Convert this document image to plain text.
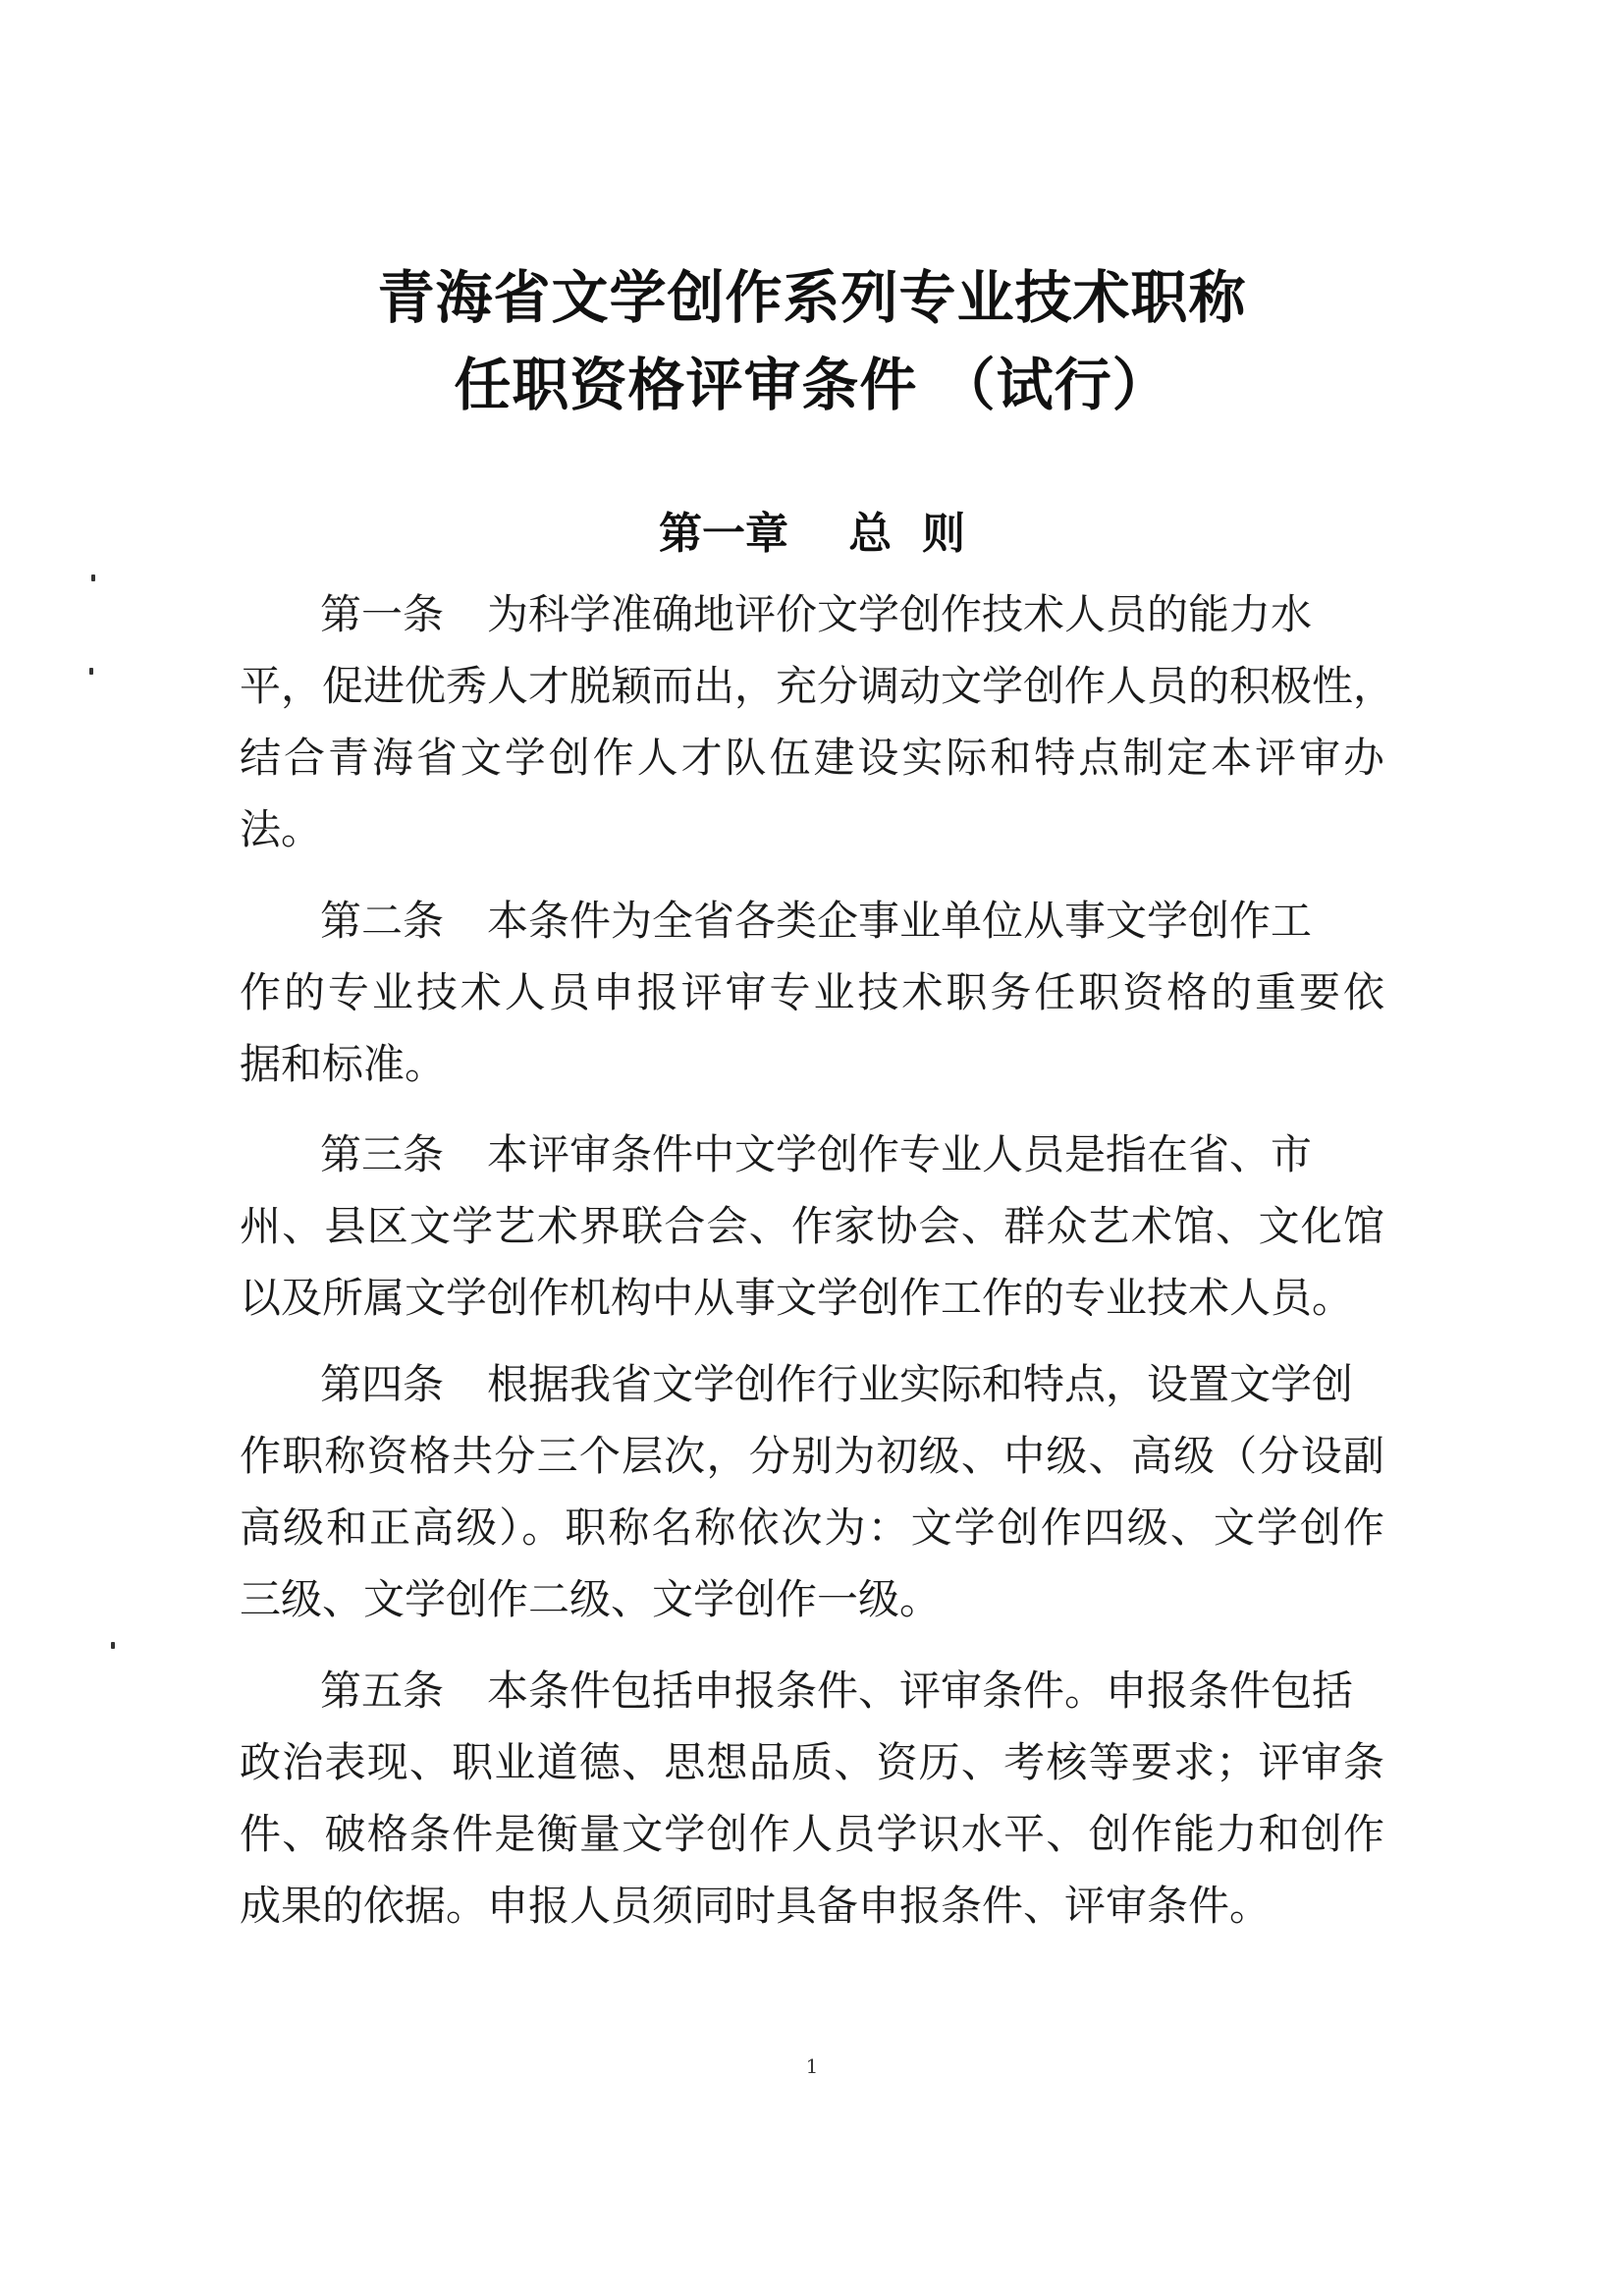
青海省文学创作系列专业技术职称
任职资格评审条件 （试行）
第一章    总  则
第一条 为科学准确地评价文学创作技术人员的能力水
平，促进优秀人才脱颖而出，充分调动文学创作人员的积极性，
结合青海省文学创作人才队伍建设实际和特点制定本评审办
法。
第二条 本条件为全省各类企事业单位从事文学创作工
作的专业技术人员申报评审专业技术职务任职资格的重要依
据和标准。
第三条 本评审条件中文学创作专业人员是指在省、市
州、县区文学艺术界联合会、作家协会、群众艺术馆、文化馆
以及所属文学创作机构中从事文学创作工作的专业技术人员。
第四条 根据我省文学创作行业实际和特点，设置文学创
作职称资格共分三个层次，分别为初级、中级、高级（分设副
高级和正高级）。职称名称依次为：文学创作四级、文学创作
三级、文学创作二级、文学创作一级。
第五条 本条件包括申报条件、评审条件。申报条件包括
政治表现、职业道德、思想品质、资历、考核等要求；评审条
件、破格条件是衡量文学创作人员学识水平、创作能力和创作
成果的依据。申报人员须同时具备申报条件、评审条件。
1
